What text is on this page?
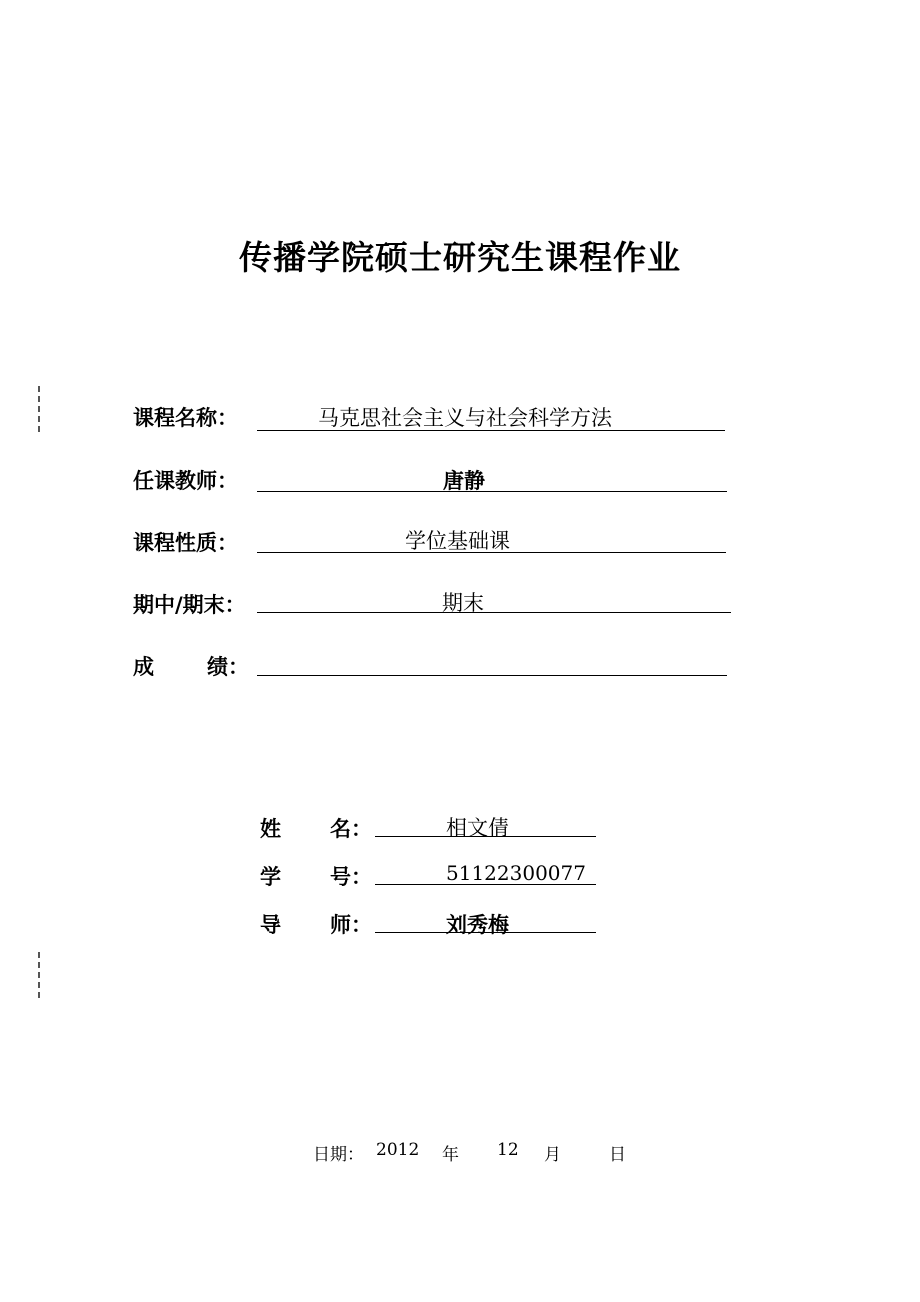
传播学院硕士研究生课程作业
课程名称：	马克思社会主义与社会科学方法
任课教师：	唐静
课程性质：	学位基础课
期中/期末：	期末
成	绩：
姓 名：	相文倩
学 号：	51122300077
导 师：	刘秀梅
日期： 2012 年 12 月	日
